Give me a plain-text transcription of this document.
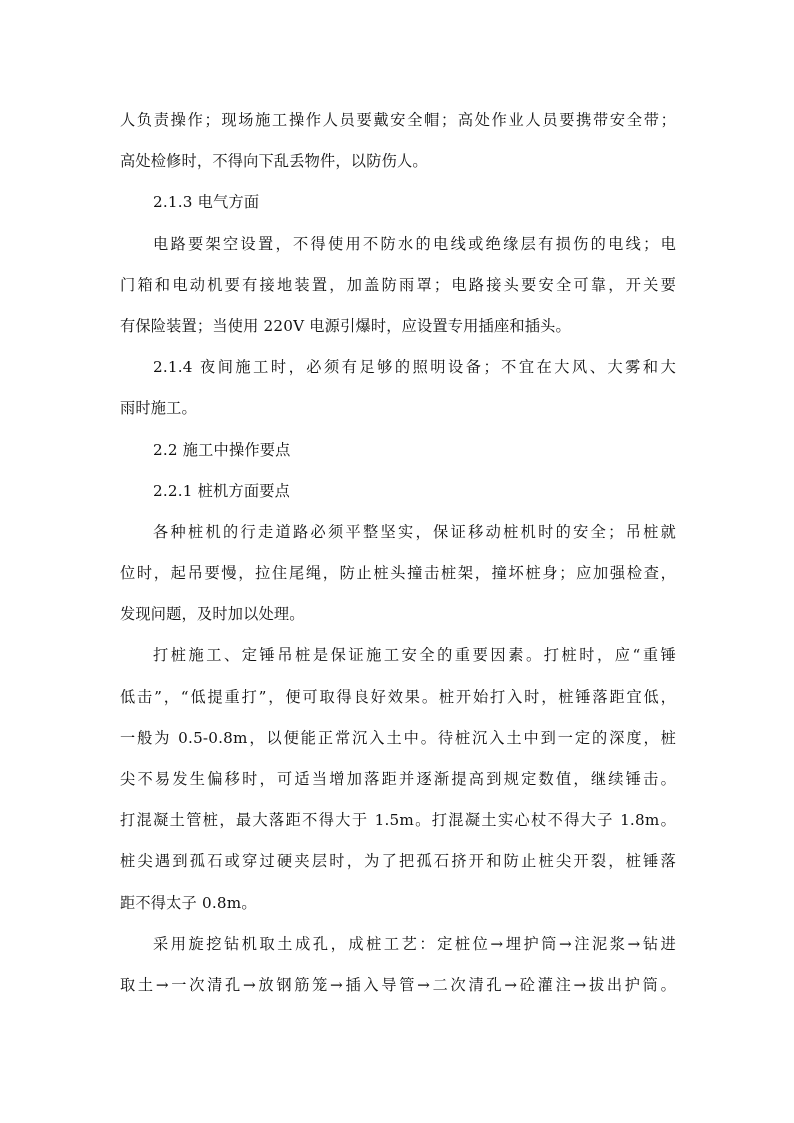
人负责操作；现场施工操作人员要戴安全帽；高处作业人员要携带安全带；
高处检修时，不得向下乱丢物件，以防伤人。
2.1.3 电气方面
电路要架空设置，不得使用不防水的电线或绝缘层有损伤的电线；电
门箱和电动机要有接地装置，加盖防雨罩；电路接头要安全可靠，开关要
有保险装置；当使用 220V 电源引爆时，应设置专用插座和插头。
2.1.4 夜间施工时，必须有足够的照明设备；不宜在大风、大雾和大
雨时施工。
2.2 施工中操作要点
2.2.1 桩机方面要点
各种桩机的行走道路必须平整坚实，保证移动桩机时的安全；吊桩就
位时，起吊要慢，拉住尾绳，防止桩头撞击桩架，撞坏桩身；应加强检查，
发现问题，及时加以处理。
打桩施工、定锤吊桩是保证施工安全的重要因素。打桩时，应“重锤
低击”，“低提重打”，便可取得良好效果。桩开始打入时，桩锤落距宜低，
一般为 0.5-0.8m，以便能正常沉入土中。待桩沉入土中到一定的深度，桩
尖不易发生偏移时，可适当增加落距并逐渐提高到规定数值，继续锤击。
打混凝土管桩，最大落距不得大于 1.5m。打混凝土实心杖不得大子 1.8m。
桩尖遇到孤石或穿过硬夹层时，为了把孤石挤开和防止桩尖开裂，桩锤落
距不得太子 0.8m。
采用旋挖钻机取土成孔，成桩工艺：定桩位→埋护筒→注泥浆→钻进
取土→一次清孔→放钢筋笼→插入导管→二次清孔→砼灌注→拔出护筒。
